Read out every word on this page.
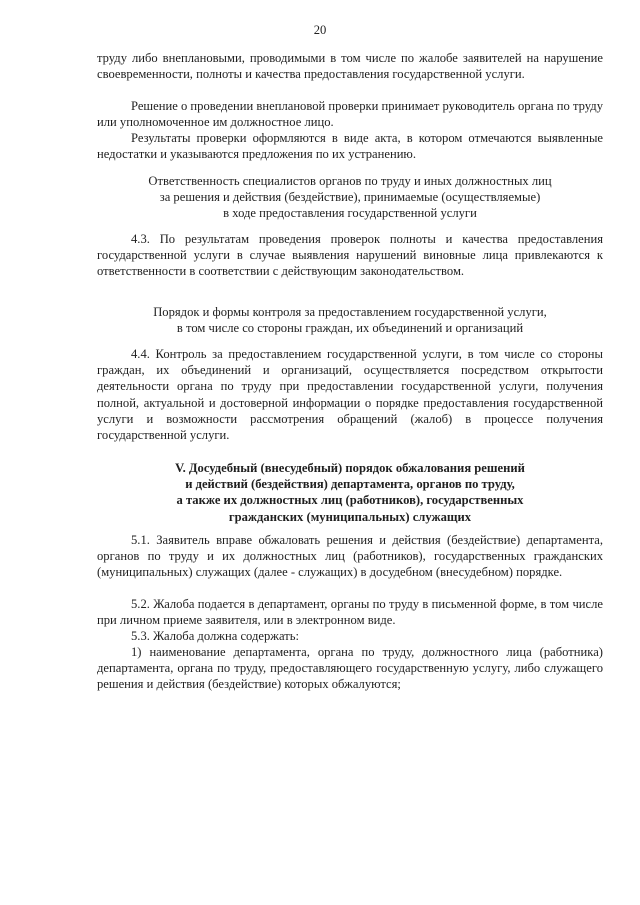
20

труду либо внеплановыми, проводимыми в том числе по жалобе заявителей на нарушение своевременности, полноты и качества предоставления государственной услуги.

Решение о проведении внеплановой проверки принимает руководитель органа по труду или уполномоченное им должностное лицо.

Результаты проверки оформляются в виде акта, в котором отмечаются выявленные недостатки и указываются предложения по их устранению.

Ответственность специалистов органов по труду и иных должностных лиц

за решения и действия (бездействие), принимаемые (осуществляемые)

в ходе предоставления государственной услуги

4.3. По результатам проведения проверок полноты и качества предоставления государственной услуги в случае выявления нарушений виновные лица привлекаются к ответственности в соответствии с действующим законодательством.

Порядок и формы контроля за предоставлением государственной услуги,

в том числе со стороны граждан, их объединений и организаций

4.4. Контроль за предоставлением государственной услуги, в том числе со стороны граждан, их объединений и организаций, осуществляется посредством открытости деятельности органа по труду при предоставлении государственной услуги, получения полной, актуальной и достоверной информации о порядке предоставления государственной услуги и возможности рассмотрения обращений (жалоб) в процессе получения государственной услуги.

V. Досудебный (внесудебный) порядок обжалования решений

и действий (бездействия) департамента, органов по труду,

а также их должностных лиц (работников), государственных

гражданских (муниципальных) служащих

5.1. Заявитель вправе обжаловать решения и действия (бездействие) департамента, органов по труду и их должностных лиц (работников), государственных гражданских (муниципальных) служащих (далее - служащих) в досудебном (внесудебном) порядке.

5.2. Жалоба подается в департамент, органы по труду в письменной форме, в том числе при личном приеме заявителя, или в электронном виде.

5.3. Жалоба должна содержать:

1) наименование департамента, органа по труду, должностного лица (работника) департамента, органа по труду, предоставляющего государственную услугу, либо служащего решения и действия (бездействие) которых обжалуются;
